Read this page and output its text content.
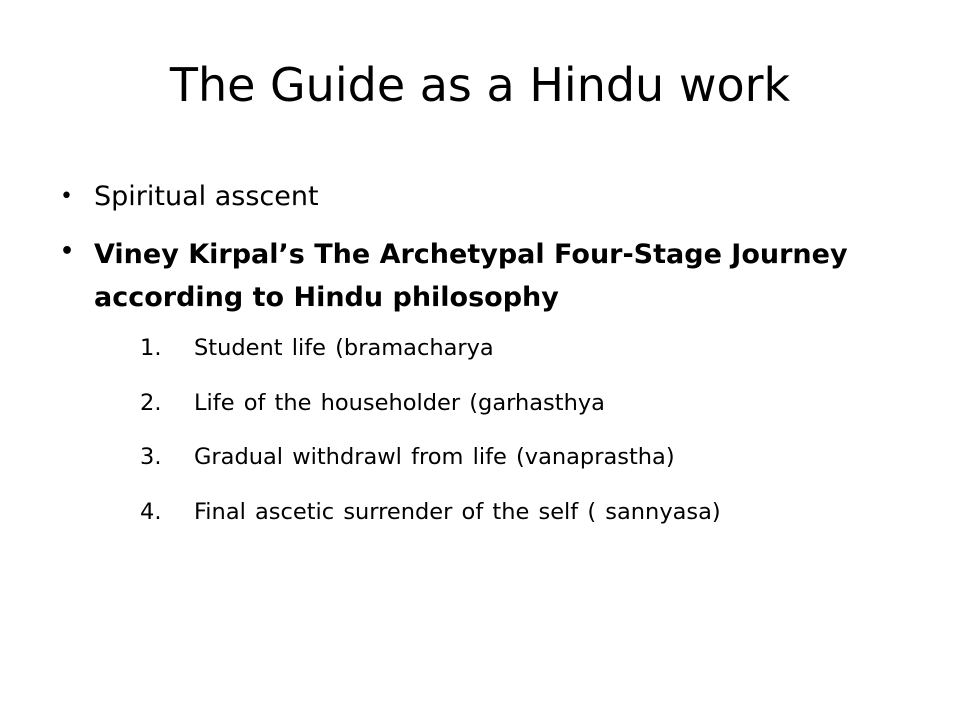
The Guide as a Hindu work
• Spiritual asscent
• Viney Kirpal’s The Archetypal Four-Stage Journey according to Hindu philosophy
1. Student life (bramacharya
2. Life of the householder (garhasthya
3. Gradual withdrawl from life (vanaprastha)
4. Final ascetic surrender of the self ( sannyasa)
